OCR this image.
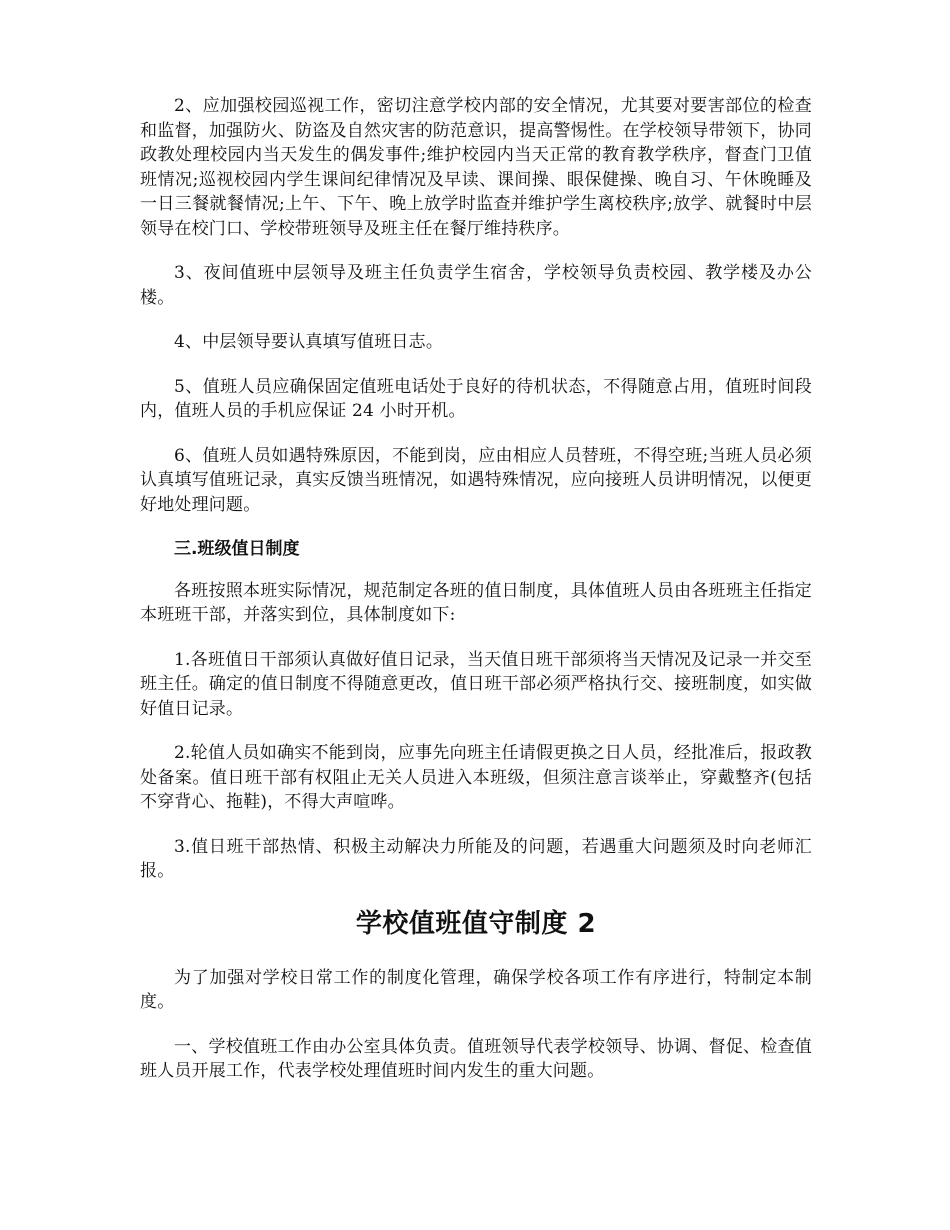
2、应加强校园巡视工作，密切注意学校内部的安全情况，尤其要对要害部位的检查和监督，加强防火、防盗及自然灾害的防范意识，提高警惕性。在学校领导带领下，协同政教处理校园内当天发生的偶发事件;维护校园内当天正常的教育教学秩序，督查门卫值班情况;巡视校园内学生课间纪律情况及早读、课间操、眼保健操、晚自习、午休晚睡及一日三餐就餐情况;上午、下午、晚上放学时监查并维护学生离校秩序;放学、就餐时中层领导在校门口、学校带班领导及班主任在餐厅维持秩序。

3、夜间值班中层领导及班主任负责学生宿舍，学校领导负责校园、教学楼及办公楼。

4、中层领导要认真填写值班日志。

5、值班人员应确保固定值班电话处于良好的待机状态，不得随意占用，值班时间段内，值班人员的手机应保证 24 小时开机。

6、值班人员如遇特殊原因，不能到岗，应由相应人员替班，不得空班;当班人员必须认真填写值班记录，真实反馈当班情况，如遇特殊情况，应向接班人员讲明情况，以便更好地处理问题。

三.班级值日制度

各班按照本班实际情况，规范制定各班的值日制度，具体值班人员由各班班主任指定本班班干部，并落实到位，具体制度如下:

1.各班值日干部须认真做好值日记录，当天值日班干部须将当天情况及记录一并交至班主任。确定的值日制度不得随意更改，值日班干部必须严格执行交、接班制度，如实做好值日记录。

2.轮值人员如确实不能到岗，应事先向班主任请假更换之日人员，经批准后，报政教处备案。值日班干部有权阻止无关人员进入本班级，但须注意言谈举止，穿戴整齐(包括不穿背心、拖鞋)，不得大声喧哗。

3.值日班干部热情、积极主动解决力所能及的问题，若遇重大问题须及时向老师汇报。

学校值班值守制度 2

为了加强对学校日常工作的制度化管理，确保学校各项工作有序进行，特制定本制度。

一、学校值班工作由办公室具体负责。值班领导代表学校领导、协调、督促、检查值班人员开展工作，代表学校处理值班时间内发生的重大问题。
